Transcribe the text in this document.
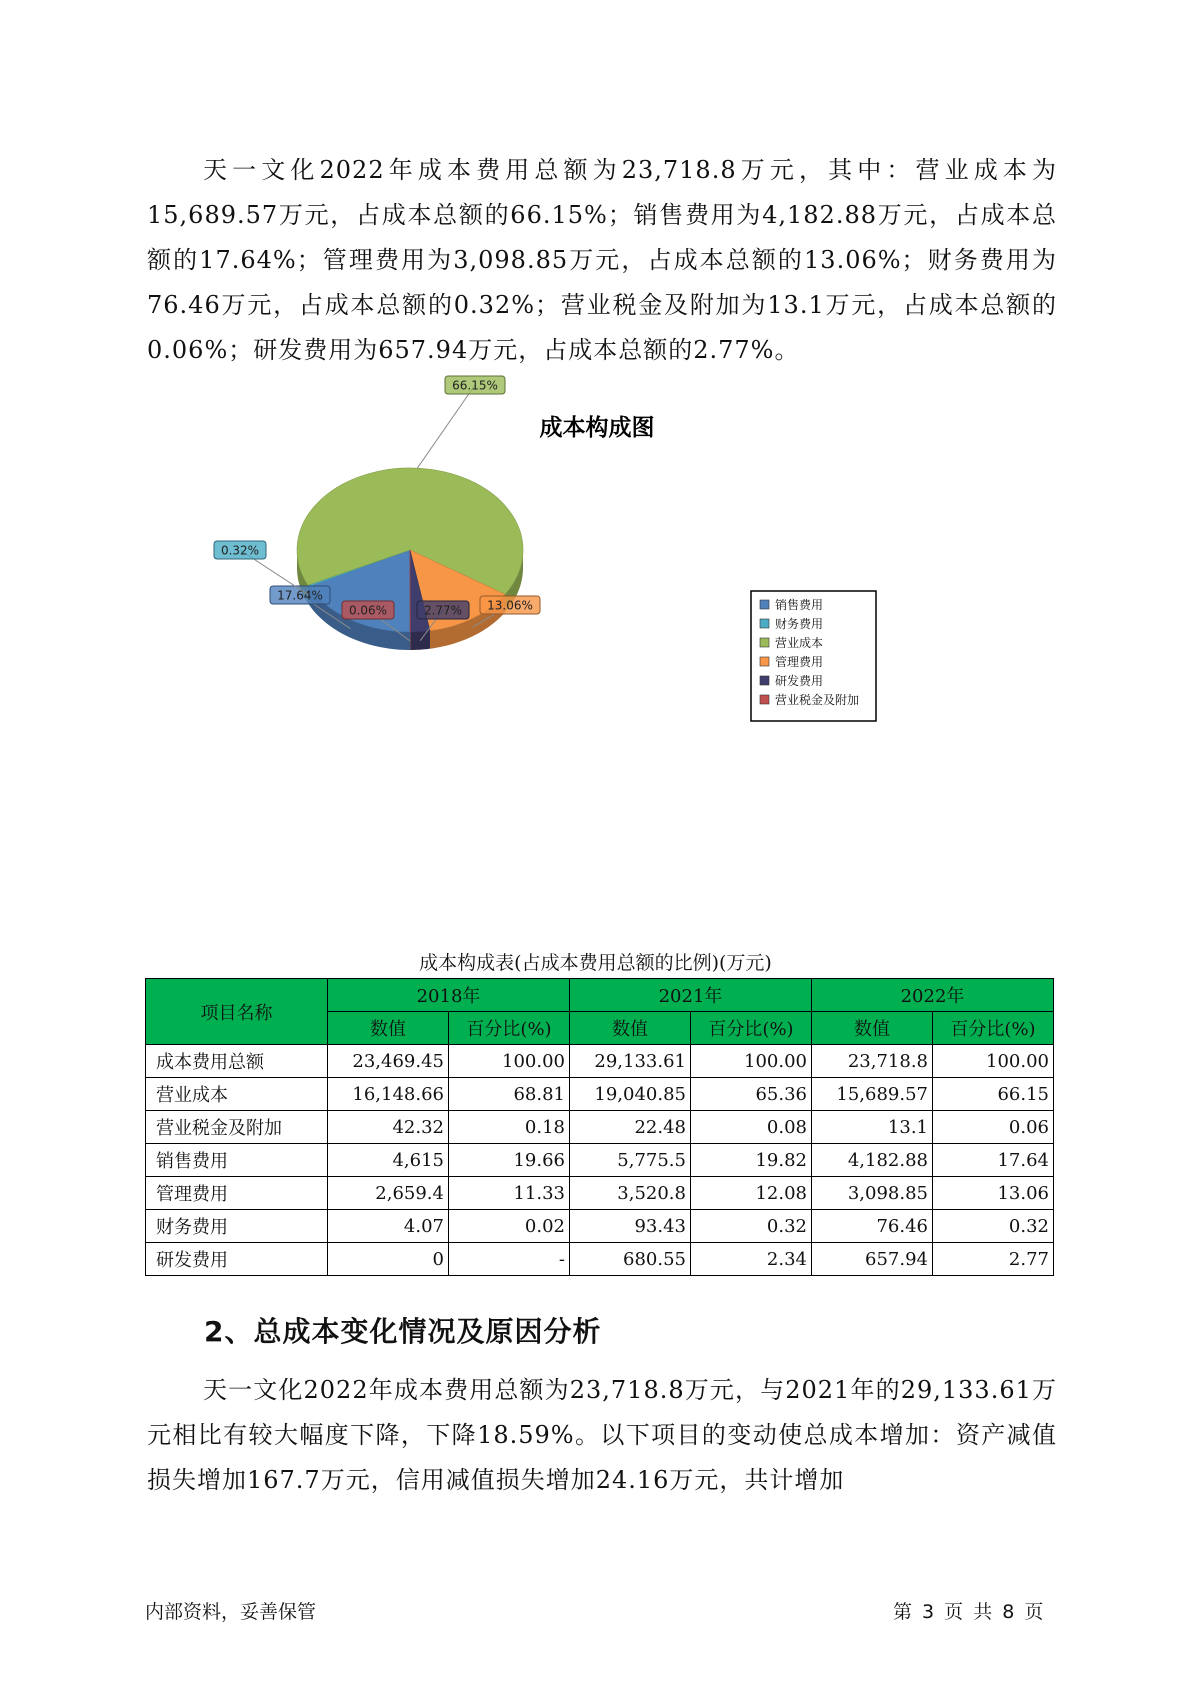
天一文化2022年成本费用总额为23,718.8万元，其中：营业成本为15,689.57万元，占成本总额的66.15%；销售费用为4,182.88万元，占成本总额的17.64%；管理费用为3,098.85万元，占成本总额的13.06%；财务费用为76.46万元，占成本总额的0.32%；营业税金及附加为13.1万元，占成本总额的0.06%；研发费用为657.94万元，占成本总额的2.77%。

成本构成图
17.64%
0.32%
66.15%
13.06%
2.77%
0.06%	销售费用
财务费用
营业成本
管理费用
研发费用
营业税金及附加
成本构成表(占成本费用总额的比例)(万元)
项目名称	2018年		2021年		2022年	
	数值	百分比(%)	数值	百分比(%)	数值	百分比(%)
成本费用总额	23,469.45	100.00	29,133.61	100.00	23,718.8	100.00
营业成本	16,148.66	68.81	19,040.85	65.36	15,689.57	66.15
营业税金及附加	42.32	0.18	22.48	0.08	13.1	0.06
销售费用	4,615	19.66	5,775.5	19.82	4,182.88	17.64
管理费用	2,659.4	11.33	3,520.8	12.08	3,098.85	13.06
财务费用	4.07	0.02	93.43	0.32	76.46	0.32
研发费用	0	-	680.55	2.34	657.94	2.77
2、总成本变化情况及原因分析

天一文化2022年成本费用总额为23,718.8万元，与2021年的29,133.61万元相比有较大幅度下降，下降18.59%。以下项目的变动使总成本增加：资产减值损失增加167.7万元，信用减值损失增加24.16万元，共计增加

内部资料，妥善保管	第 3 页 共 8 页
